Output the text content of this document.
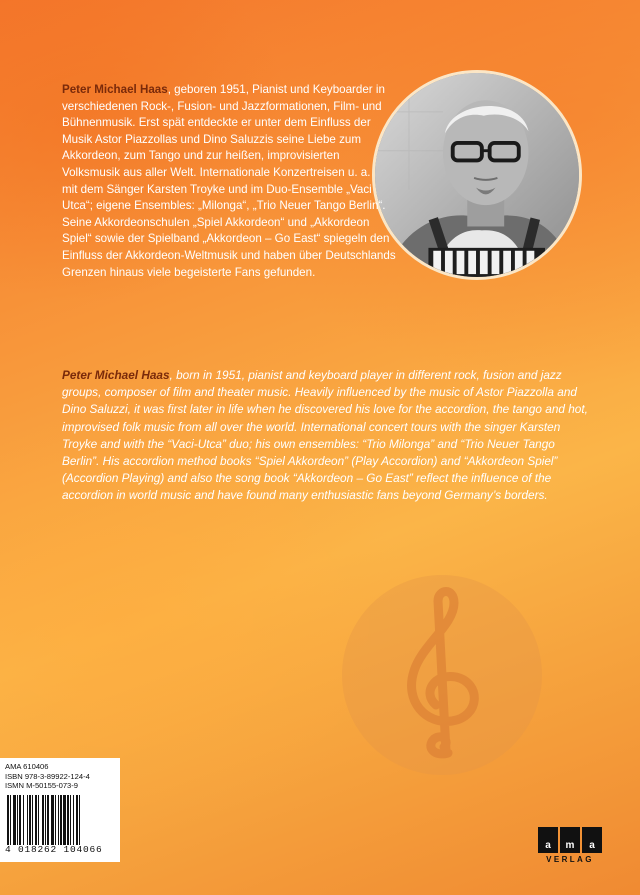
Peter Michael Haas, geboren 1951, Pianist und Keyboarder in verschiedenen Rock-, Fusion- und Jazzformationen, Film- und Bühnenmusik. Erst spät entdeckte er unter dem Einfluss der Musik Astor Piazzollas und Dino Saluzzis seine Liebe zum Akkordeon, zum Tango und zur heißen, improvisierten Volksmusik aus aller Welt. Internationale Konzertreisen u. a. mit dem Sänger Karsten Troyke und im Duo-Ensemble „Vaci Utca“; eigene Ensembles: „Milonga“, „Trio Neuer Tango Berlin“. Seine Akkordeonschulen „Spiel Akkordeon“ und „Akkordeon Spiel“ sowie der Spielband „Akkordeon – Go East“ spiegeln den Einfluss der Akkordeon-Weltmusik und haben über Deutschlands Grenzen hinaus viele begeisterte Fans gefunden.

Peter Michael Haas, born in 1951, pianist and keyboard player in different rock, fusion and jazz groups, composer of film and theater music. Heavily influenced by the music of Astor Piazzolla and Dino Saluzzi, it was first later in life when he discovered his love for the accordion, the tango and hot, improvised folk music from all over the world. International concert tours with the singer Karsten Troyke and with the “Vaci-Utca” duo; his own ensembles: “Trio Milonga” and “Trio Neuer Tango Berlin”. His accordion method books “Spiel Akkordeon” (Play Accordion) and “Akkordeon Spiel” (Accordion Playing) and also the song book “Akkordeon – Go East” reflect the influence of the accordion in world music and have found many enthusiastic fans beyond Germany’s borders.

AMA 610406

ISBN 978-3-89922-124-4

ISMN M-50155-073-9

4 018262 104066	a	m	a
VERLAG
